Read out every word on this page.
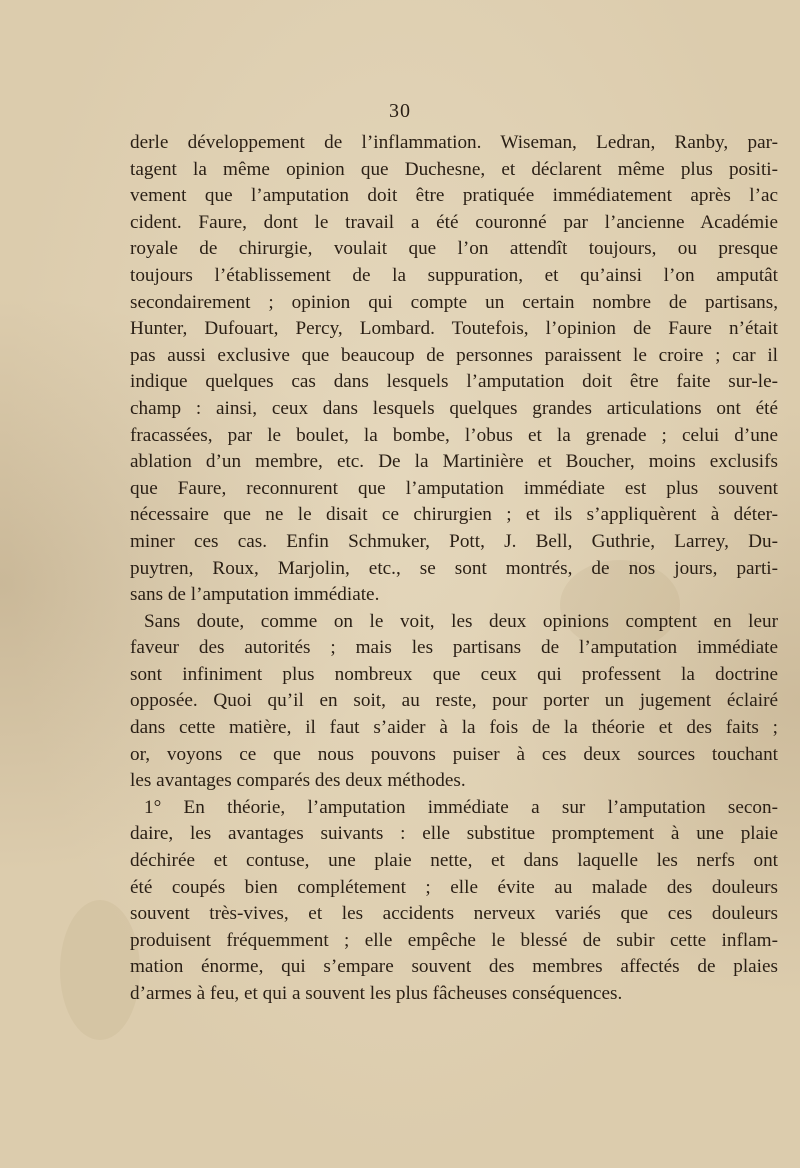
30
derle développement de l’inflammation. Wiseman, Ledran, Ranby, par-
tagent la même opinion que Duchesne, et déclarent même plus positi-
vement que l’amputation doit être pratiquée immédiatement après l’ac
cident. Faure, dont le travail a été couronné par l’ancienne Académie
royale de chirurgie, voulait que l’on attendît toujours, ou presque
toujours l’établissement de la suppuration, et qu’ainsi l’on amputât
secondairement ; opinion qui compte un certain nombre de partisans,
Hunter, Dufouart, Percy, Lombard. Toutefois, l’opinion de Faure n’était
pas aussi exclusive que beaucoup de personnes paraissent le croire ; car il
indique quelques cas dans lesquels l’amputation doit être faite sur-le-
champ : ainsi, ceux dans lesquels quelques grandes articulations ont été
fracassées, par le boulet, la bombe, l’obus et la grenade ; celui d’une
ablation d’un membre, etc. De la Martinière et Boucher, moins exclusifs
que Faure, reconnurent que l’amputation immédiate est plus souvent
nécessaire que ne le disait ce chirurgien ; et ils s’appliquèrent à déter-
miner ces cas. Enfin Schmuker, Pott, J. Bell, Guthrie, Larrey, Du-
puytren, Roux, Marjolin, etc., se sont montrés, de nos jours, parti-
sans de l’amputation immédiate.
Sans doute, comme on le voit, les deux opinions comptent en leur
faveur des autorités ; mais les partisans de l’amputation immédiate
sont infiniment plus nombreux que ceux qui professent la doctrine
opposée. Quoi qu’il en soit, au reste, pour porter un jugement éclairé
dans cette matière, il faut s’aider à la fois de la théorie et des faits ;
or, voyons ce que nous pouvons puiser à ces deux sources touchant
les avantages comparés des deux méthodes.
1° En théorie, l’amputation immédiate a sur l’amputation secon-
daire, les avantages suivants : elle substitue promptement à une plaie
déchirée et contuse, une plaie nette, et dans laquelle les nerfs ont
été coupés bien complétement ; elle évite au malade des douleurs
souvent très-vives, et les accidents nerveux variés que ces douleurs
produisent fréquemment ; elle empêche le blessé de subir cette inflam-
mation énorme, qui s’empare souvent des membres affectés de plaies
d’armes à feu, et qui a souvent les plus fâcheuses conséquences.
